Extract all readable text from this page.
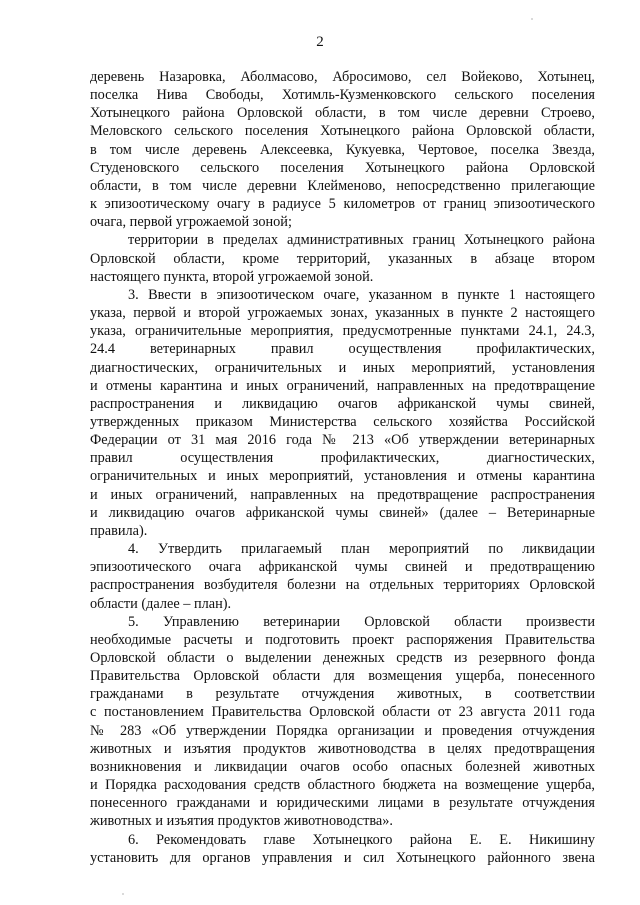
2

деревень Назаровка, Аболмасово, Абросимово, сел Войеково, Хотынец,

поселка Нива Свободы, Хотимль-Кузменковского сельского поселения

Хотынецкого района Орловской области, в том числе деревни Строево,

Меловского сельского поселения Хотынецкого района Орловской области,

в том числе деревень Алексеевка, Кукуевка, Чертовое, поселка Звезда,

Студеновского сельского поселения Хотынецкого района Орловской

области, в том числе деревни Клейменово, непосредственно прилегающие

к эпизоотическому очагу в радиусе 5 километров от границ эпизоотического

очага, первой угрожаемой зоной;

территории в пределах административных границ Хотынецкого района

Орловской области, кроме территорий, указанных в абзаце втором

настоящего пункта, второй угрожаемой зоной.

3. Ввести в эпизоотическом очаге, указанном в пункте 1 настоящего

указа, первой и второй угрожаемых зонах, указанных в пункте 2 настоящего

указа, ограничительные мероприятия, предусмотренные пунктами 24.1, 24.3,

24.4 ветеринарных правил осуществления профилактических,

диагностических, ограничительных и иных мероприятий, установления

и отмены карантина и иных ограничений, направленных на предотвращение

распространения и ликвидацию очагов африканской чумы свиней,

утвержденных приказом Министерства сельского хозяйства Российской

Федерации от 31 мая 2016 года № 213 «Об утверждении ветеринарных

правил осуществления профилактических, диагностических,

ограничительных и иных мероприятий, установления и отмены карантина

и иных ограничений, направленных на предотвращение распространения

и ликвидацию очагов африканской чумы свиней» (далее – Ветеринарные

правила).

4. Утвердить прилагаемый план мероприятий по ликвидации

эпизоотического очага африканской чумы свиней и предотвращению

распространения возбудителя болезни на отдельных территориях Орловской

области (далее – план).

5. Управлению ветеринарии Орловской области произвести

необходимые расчеты и подготовить проект распоряжения Правительства

Орловской области о выделении денежных средств из резервного фонда

Правительства Орловской области для возмещения ущерба, понесенного

гражданами в результате отчуждения животных, в соответствии

с постановлением Правительства Орловской области от 23 августа 2011 года

№ 283 «Об утверждении Порядка организации и проведения отчуждения

животных и изъятия продуктов животноводства в целях предотвращения

возникновения и ликвидации очагов особо опасных болезней животных

и Порядка расходования средств областного бюджета на возмещение ущерба,

понесенного гражданами и юридическими лицами в результате отчуждения

животных и изъятия продуктов животноводства».

6. Рекомендовать главе Хотынецкого района Е. Е. Никишину

установить для органов управления и сил Хотынецкого районного звена
